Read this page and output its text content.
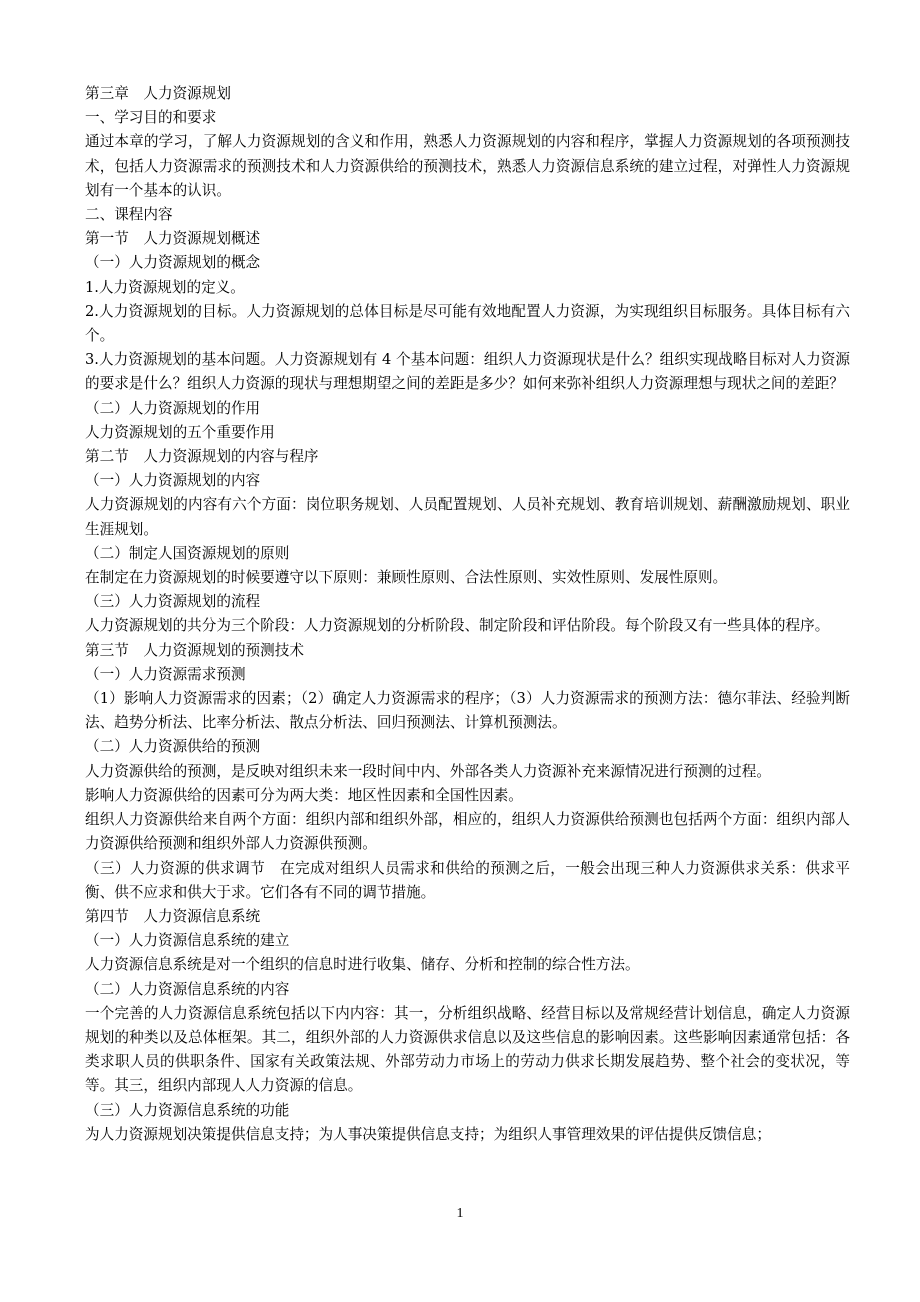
第三章　人力资源规划

一、学习目的和要求

通过本章的学习，了解人力资源规划的含义和作用，熟悉人力资源规划的内容和程序，掌握人力资源规划的各项预测技术，包括人力资源需求的预测技术和人力资源供给的预测技术，熟悉人力资源信息系统的建立过程，对弹性人力资源规划有一个基本的认识。

二、课程内容

第一节　人力资源规划概述

（一）人力资源规划的概念

1.人力资源规划的定义。

2.人力资源规划的目标。人力资源规划的总体目标是尽可能有效地配置人力资源，为实现组织目标服务。具体目标有六个。

3.人力资源规划的基本问题。人力资源规划有 4 个基本问题：组织人力资源现状是什么？组织实现战略目标对人力资源的要求是什么？组织人力资源的现状与理想期望之间的差距是多少？如何来弥补组织人力资源理想与现状之间的差距？

（二）人力资源规划的作用

人力资源规划的五个重要作用

第二节　人力资源规划的内容与程序

（一）人力资源规划的内容

人力资源规划的内容有六个方面：岗位职务规划、人员配置规划、人员补充规划、教育培训规划、薪酬激励规划、职业生涯规划。

（二）制定人国资源规划的原则

在制定在力资源规划的时候要遵守以下原则：兼顾性原则、合法性原则、实效性原则、发展性原则。

（三）人力资源规划的流程

人力资源规划的共分为三个阶段：人力资源规划的分析阶段、制定阶段和评估阶段。每个阶段又有一些具体的程序。

第三节　人力资源规划的预测技术

（一）人力资源需求预测

（1）影响人力资源需求的因素；（2）确定人力资源需求的程序；（3）人力资源需求的预测方法：德尔菲法、经验判断法、趋势分析法、比率分析法、散点分析法、回归预测法、计算机预测法。

（二）人力资源供给的预测

人力资源供给的预测，是反映对组织未来一段时间中内、外部各类人力资源补充来源情况进行预测的过程。

影响人力资源供给的因素可分为两大类：地区性因素和全国性因素。

组织人力资源供给来自两个方面：组织内部和组织外部，相应的，组织人力资源供给预测也包括两个方面：组织内部人力资源供给预测和组织外部人力资源供预测。

（三）人力资源的供求调节　在完成对组织人员需求和供给的预测之后，一般会出现三种人力资源供求关系：供求平衡、供不应求和供大于求。它们各有不同的调节措施。

第四节　人力资源信息系统

（一）人力资源信息系统的建立

人力资源信息系统是对一个组织的信息时进行收集、储存、分析和控制的综合性方法。

（二）人力资源信息系统的内容

一个完善的人力资源信息系统包括以下内内容：其一，分析组织战略、经营目标以及常规经营计划信息，确定人力资源规划的种类以及总体框架。其二，组织外部的人力资源供求信息以及这些信息的影响因素。这些影响因素通常包括：各类求职人员的供职条件、国家有关政策法规、外部劳动力市场上的劳动力供求长期发展趋势、整个社会的变状况，等等。其三，组织内部现人人力资源的信息。

（三）人力资源信息系统的功能

为人力资源规划决策提供信息支持；为人事决策提供信息支持；为组织人事管理效果的评估提供反馈信息；

1
